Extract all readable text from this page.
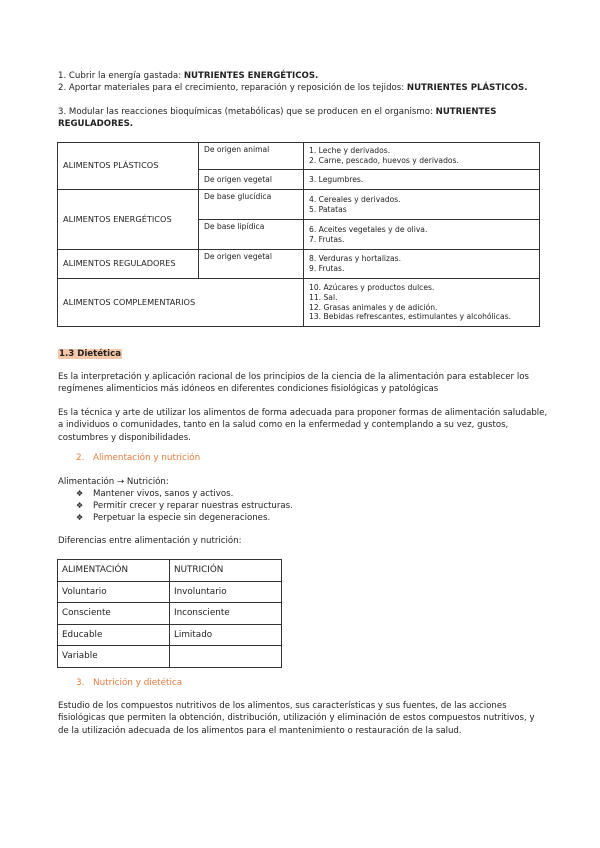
1. Cubrir la energía gastada: NUTRIENTES ENERGÉTICOS.
2. Aportar materiales para el crecimiento, reparación y reposición de los tejidos: NUTRIENTES PLÁSTICOS.
3. Modular las reacciones bioquímicas (metabólicas) que se producen en el organismo: NUTRIENTES REGULADORES.
ALIMENTOS PLÁSTICOS	De origen animal	1. Leche y derivados.
2. Carne, pescado, huevos y derivados.

	De origen vegetal	3. Legumbres.

ALIMENTOS ENERGÉTICOS	De base glucídica	4. Cereales y derivados.
5. Patatas

	De base lipídica	6. Aceites vegetales y de oliva.
7. Frutas.

ALIMENTOS REGULADORES	De origen vegetal	8. Verduras y hortalizas.
9. Frutas.

ALIMENTOS COMPLEMENTARIOS		10. Azúcares y productos dulces.
11. Sal.
12. Grasas animales y de adición.
13. Bebidas refrescantes, estimulantes y alcohólicas.
1.3 Dietética
Es la interpretación y aplicación racional de los principios de la ciencia de la alimentación para establecer los regímenes alimenticios más idóneos en diferentes condiciones fisiológicas y patológicas
Es la técnica y arte de utilizar los alimentos de forma adecuada para proponer formas de alimentación saludable, a individuos o comunidades, tanto en la salud como en la enfermedad y contemplando a su vez, gustos, costumbres y disponibilidades.
2. Alimentación y nutrición
Alimentación → Nutrición:
❖ Mantener vivos, sanos y activos.
❖ Permitir crecer y reparar nuestras estructuras.
❖ Perpetuar la especie sin degeneraciones.
Diferencias entre alimentación y nutrición:
ALIMENTACIÓN	NUTRICIÓN
Voluntario	Involuntario
Consciente	Inconsciente
Educable	Limitado
Variable	
3. Nutrición y dietética
Estudio de los compuestos nutritivos de los alimentos, sus características y sus fuentes, de las acciones fisiológicas que permiten la obtención, distribución, utilización y eliminación de estos compuestos nutritivos, y de la utilización adecuada de los alimentos para el mantenimiento o restauración de la salud.
